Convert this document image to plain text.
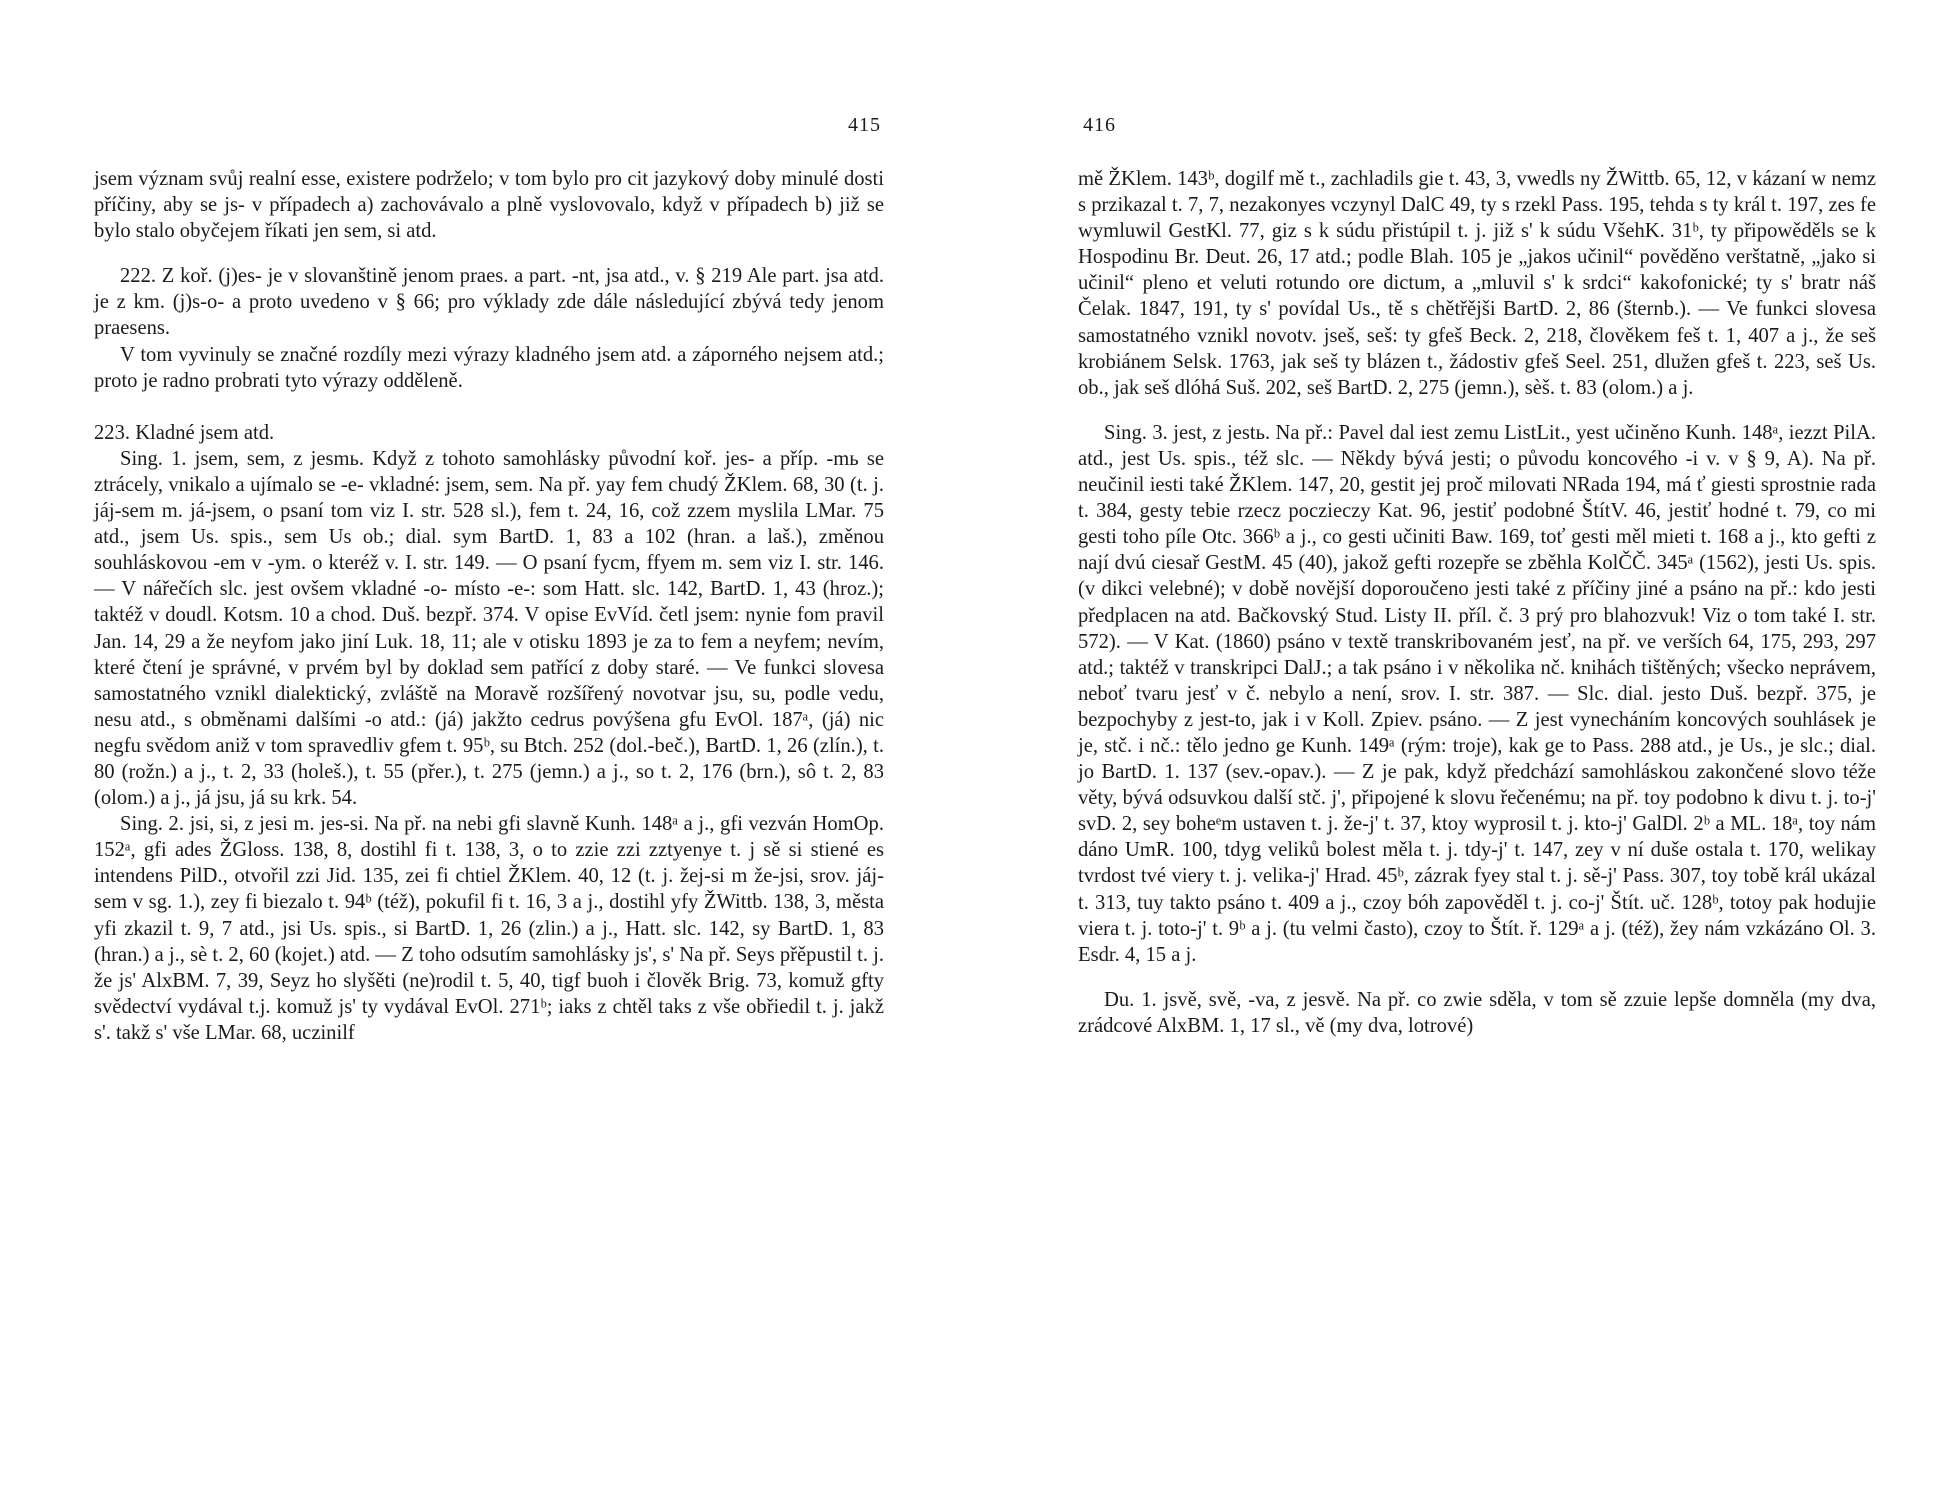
415

jsem význam svůj realní esse, existere podrželo; v tom bylo pro cit jazykový doby minulé dosti příčiny, aby se js- v případech a) zachovávalo a plně vyslovovalo, když v případech b) již se bylo stalo obyčejem říkati jen sem, si atd.

222. Z koř. (j)es- je v slovanštině jenom praes. a part. -nt, jsa atd., v. § 219 Ale part. jsa atd. je z km. (j)s-o- a proto uvedeno v § 66; pro výklady zde dále následující zbývá tedy jenom praesens.

V tom vyvinuly se značné rozdíly mezi výrazy kladného jsem atd. a záporného nejsem atd.; proto je radno probrati tyto výrazy odděleně.

223. Kladné jsem atd.

Sing. 1. jsem, sem, z jesmь. Když z tohoto samohlásky původní koř. jes- a příp. -mь se ztrácely, vnikalo a ujímalo se -e- vkladné: jsem, sem. Na př. yay fem chudý ŽKlem. 68, 30 (t. j. jáj-sem m. já-jsem, o psaní tom viz I. str. 528 sl.), fem t. 24, 16, což zzem myslila LMar. 75 atd., jsem Us. spis., sem Us ob.; dial. sym BartD. 1, 83 a 102 (hran. a laš.), změnou souhláskovou -em v -ym. o kteréž v. I. str. 149. — O psaní fycm, ffyem m. sem viz I. str. 146. — V nářečích slc. jest ovšem vkladné -o- místo -e-: som Hatt. slc. 142, BartD. 1, 43 (hroz.); taktéž v doudl. Kotsm. 10 a chod. Duš. bezpř. 374. V opise EvVíd. četl jsem: nynie fom pravil Jan. 14, 29 a že neyfom jako jiní Luk. 18, 11; ale v otisku 1893 je za to fem a neyfem; nevím, které čtení je správné, v prvém byl by doklad sem patřící z doby staré. — Ve funkci slovesa samostatného vznikl dialektický, zvláště na Moravě rozšířený novotvar jsu, su, podle vedu, nesu atd., s obměnami dalšími -o atd.: (já) jakžto cedrus povýšena gfu EvOl. 187ᵃ, (já) nic negfu svědom aniž v tom spravedliv gfem t. 95ᵇ, su Btch. 252 (dol.-beč.), BartD. 1, 26 (zlín.), t. 80 (rožn.) a j., t. 2, 33 (holeš.), t. 55 (přer.), t. 275 (jemn.) a j., so t. 2, 176 (brn.), sô t. 2, 83 (olom.) a j., já jsu, já su krk. 54.

Sing. 2. jsi, si, z jesi m. jes-si. Na př. na nebi gfi slavně Kunh. 148ᵃ a j., gfi vezván HomOp. 152ᵃ, gfi ades ŽGloss. 138, 8, dostihl fi t. 138, 3, o to zzie zzi zztyenye t. j sě si stiené es intendens PilD., otvořil zzi Jid. 135, zei fi chtiel ŽKlem. 40, 12 (t. j. žej-si m že-jsi, srov. jáj-sem v sg. 1.), zey fi biezalo t. 94ᵇ (též), pokufil fi t. 16, 3 a j., dostihl yfy ŽWittb. 138, 3, města yfi zkazil t. 9, 7 atd., jsi Us. spis., si BartD. 1, 26 (zlin.) a j., Hatt. slc. 142, sy BartD. 1, 83 (hran.) a j., sè t. 2, 60 (kojet.) atd. — Z toho odsutím samohlásky js', s' Na př. Seys přěpustil t. j. že js' AlxBM. 7, 39, Seyz ho slyšěti (ne)rodil t. 5, 40, tigf buoh i člověk Brig. 73, komuž gfty svědectví vydával t.j. komuž js' ty vydával EvOl. 271ᵇ; iaks z chtěl taks z vše obřiedil t. j. jakž s'. takž s' vše LMar. 68, uczinilf

416

mě ŽKlem. 143ᵇ, dogilf mě t., zachladils gie t. 43, 3, vwedls ny ŽWittb. 65, 12, v kázaní w nemz s przikazal t. 7, 7, nezakonyes vczynyl DalC 49, ty s rzekl Pass. 195, tehda s ty král t. 197, zes fe wymluwil GestKl. 77, giz s k súdu přistúpil t. j. již s' k súdu VšehK. 31ᵇ, ty připowěděls se k Hospodinu Br. Deut. 26, 17 atd.; podle Blah. 105 je „jakos učinil“ pověděno verštatně, „jako si učinil“ pleno et veluti rotundo ore dictum, a „mluvil s' k srdci“ kakofonické; ty s' bratr náš Čelak. 1847, 191, ty s' povídal Us., tě s chětřějši BartD. 2, 86 (šternb.). — Ve funkci slovesa samostatného vznikl novotv. jseš, seš: ty gfeš Beck. 2, 218, člověkem feš t. 1, 407 a j., že seš krobiánem Selsk. 1763, jak seš ty blázen t., žádostiv gfeš Seel. 251, dlužen gfeš t. 223, seš Us. ob., jak seš dlóhá Suš. 202, seš BartD. 2, 275 (jemn.), sèš. t. 83 (olom.) a j.

Sing. 3. jest, z jestь. Na př.: Pavel dal iest zemu ListLit., yest učiněno Kunh. 148ᵃ, iezzt PilA. atd., jest Us. spis., též slc. — Někdy bývá jesti; o původu koncového -i v. v § 9, A). Na př. neučinil iesti také ŽKlem. 147, 20, gestit jej proč milovati NRada 194, má ť giesti sprostnie rada t. 384, gesty tebie rzecz poczieczy Kat. 96, jestiť podobné ŠtítV. 46, jestiť hodné t. 79, co mi gesti toho píle Otc. 366ᵇ a j., co gesti učiniti Baw. 169, toť gesti měl mieti t. 168 a j., kto gefti z nají dvú ciesař GestM. 45 (40), jakož gefti rozepře se zběhla KolČČ. 345ᵃ (1562), jesti Us. spis. (v dikci velebné); v době novější doporoučeno jesti také z příčiny jiné a psáno na př.: kdo jesti předplacen na atd. Bačkovský Stud. Listy II. příl. č. 3 prý pro blahozvuk! Viz o tom také I. str. 572). — V Kat. (1860) psáno v textě transkribovaném jesť, na př. ve verších 64, 175, 293, 297 atd.; taktéž v transkripci DalJ.; a tak psáno i v několika nč. knihách tištěných; všecko neprávem, neboť tvaru jesť v č. nebylo a není, srov. I. str. 387. — Slc. dial. jesto Duš. bezpř. 375, je bezpochyby z jest-to, jak i v Koll. Zpiev. psáno. — Z jest vynecháním koncových souhlásek je je, stč. i nč.: tělo jedno ge Kunh. 149ᵃ (rým: troje), kak ge to Pass. 288 atd., je Us., je slc.; dial. jo BartD. 1. 137 (sev.-opav.). — Z je pak, když předchází samohláskou zakončené slovo téže věty, bývá odsuvkou další stč. j', připojené k slovu řečenému; na př. toy podobno k divu t. j. to-j' svD. 2, sey boheᵉm ustaven t. j. že-j' t. 37, ktoy wyprosil t. j. kto-j' GalDl. 2ᵇ a ML. 18ᵃ, toy nám dáno UmR. 100, tdyg veliků bolest měla t. j. tdy-j' t. 147, zey v ní duše ostala t. 170, welikay tvrdost tvé viery t. j. velika-j' Hrad. 45ᵇ, zázrak fyey stal t. j. sě-j' Pass. 307, toy tobě král ukázal t. 313, tuy takto psáno t. 409 a j., czoy bóh zapověděl t. j. co-j' Štít. uč. 128ᵇ, totoy pak hodujie viera t. j. toto-j' t. 9ᵇ a j. (tu velmi často), czoy to Štít. ř. 129ᵃ a j. (též), žey nám vzkázáno Ol. 3. Esdr. 4, 15 a j.

Du. 1. jsvě, svě, -va, z jesvě. Na př. co zwie sděla, v tom sě zzuie lepše domněla (my dva, zrádcové AlxBM. 1, 17 sl., vě (my dva, lotrové)
